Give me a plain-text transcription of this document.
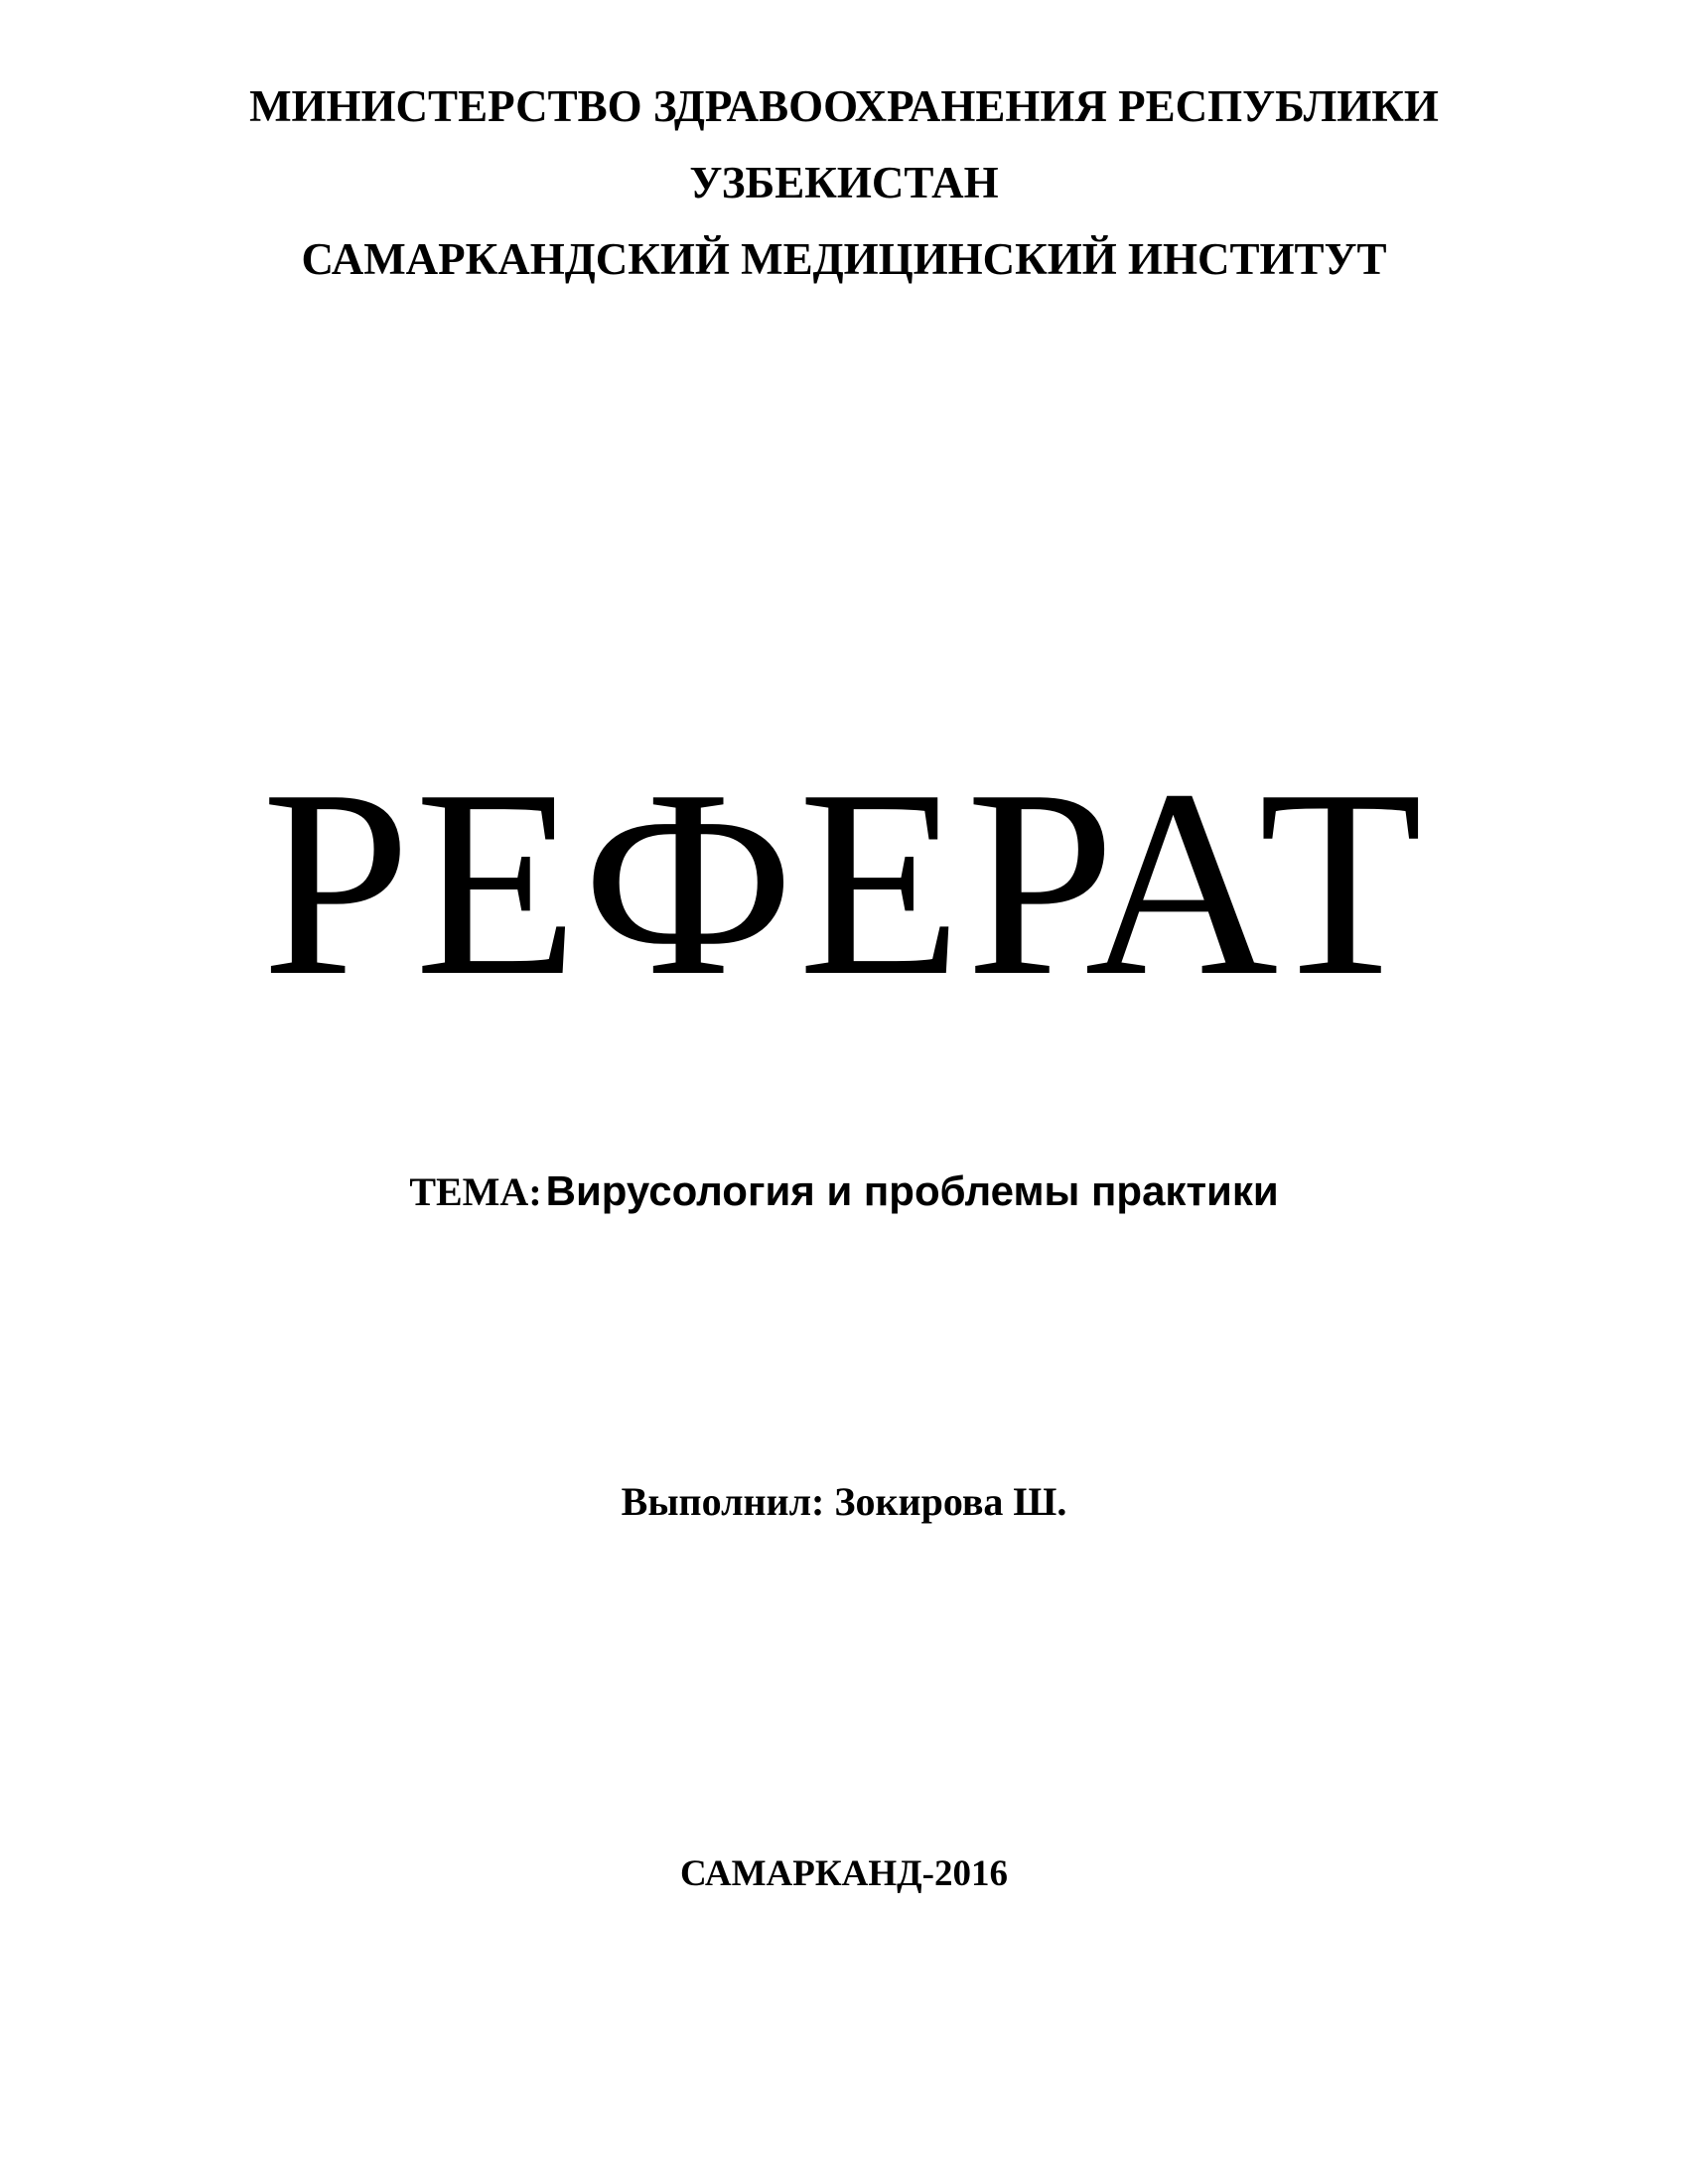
МИНИСТЕРСТВО ЗДРАВООХРАНЕНИЯ РЕСПУБЛИКИ
УЗБЕКИСТАН
САМАРКАНДСКИЙ МЕДИЦИНСКИЙ ИНСТИТУТ
РЕФЕРАТ
ТЕМА: Вирусология и проблемы практики
Выполнил: Зокирова Ш.
САМАРКАНД-2016
